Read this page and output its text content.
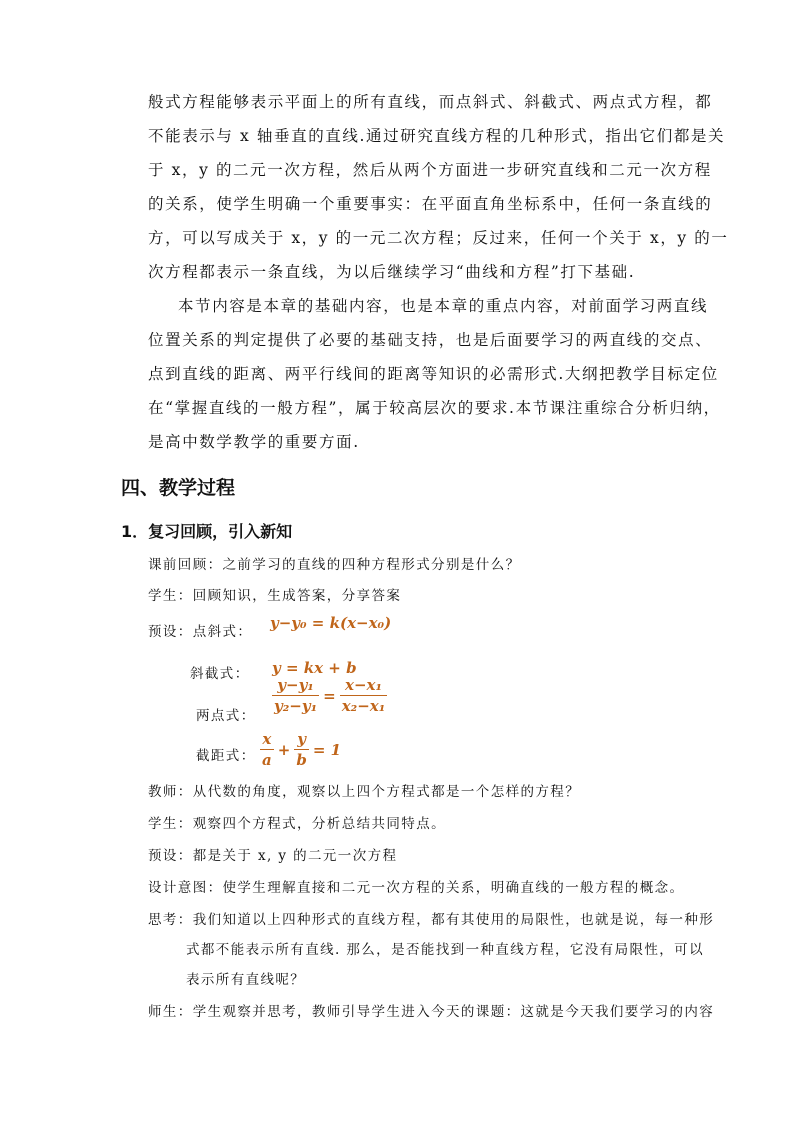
般式方程能够表示平面上的所有直线，而点斜式、斜截式、两点式方程，都
不能表示与 x 轴垂直的直线.通过研究直线方程的几种形式，指出它们都是关
于 x，y 的二元一次方程，然后从两个方面进一步研究直线和二元一次方程
的关系，使学生明确一个重要事实：在平面直角坐标系中，任何一条直线的
方，可以写成关于 x，y 的一元二次方程；反过来，任何一个关于 x，y 的一
次方程都表示一条直线，为以后继续学习“曲线和方程”打下基础.
本节内容是本章的基础内容，也是本章的重点内容，对前面学习两直线
位置关系的判定提供了必要的基础支持，也是后面要学习的两直线的交点、
点到直线的距离、两平行线间的距离等知识的必需形式.大纲把教学目标定位
在“掌握直线的一般方程”，属于较高层次的要求.本节课注重综合分析归纳，
是高中数学教学的重要方面.
四、教学过程
1．复习回顾，引入新知
课前回顾：之前学习的直线的四种方程形式分别是什么？
学生：回顾知识，生成答案，分享答案
预设：点斜式： y−y₀ = k(x−x₀)
斜截式： y = kx + b
两点式：
$\frac{\text{y−y₁}}{\text{y₂−y₁}} = \frac{\text{x−x₁}}{\text{x₂−x₁}}$
截距式： $\frac{x}{a} + \frac{y}{b} = 1$
教师：从代数的角度，观察以上四个方程式都是一个怎样的方程？
学生：观察四个方程式，分析总结共同特点。
预设：都是关于 x, y 的二元一次方程
设计意图：使学生理解直接和二元一次方程的关系，明确直线的一般方程的概念。
思考：我们知道以上四种形式的直线方程，都有其使用的局限性，也就是说，每一种形
式都不能表示所有直线. 那么，是否能找到一种直线方程，它没有局限性，可以
表示所有直线呢？
师生：学生观察并思考，教师引导学生进入今天的课题：这就是今天我们要学习的内容
